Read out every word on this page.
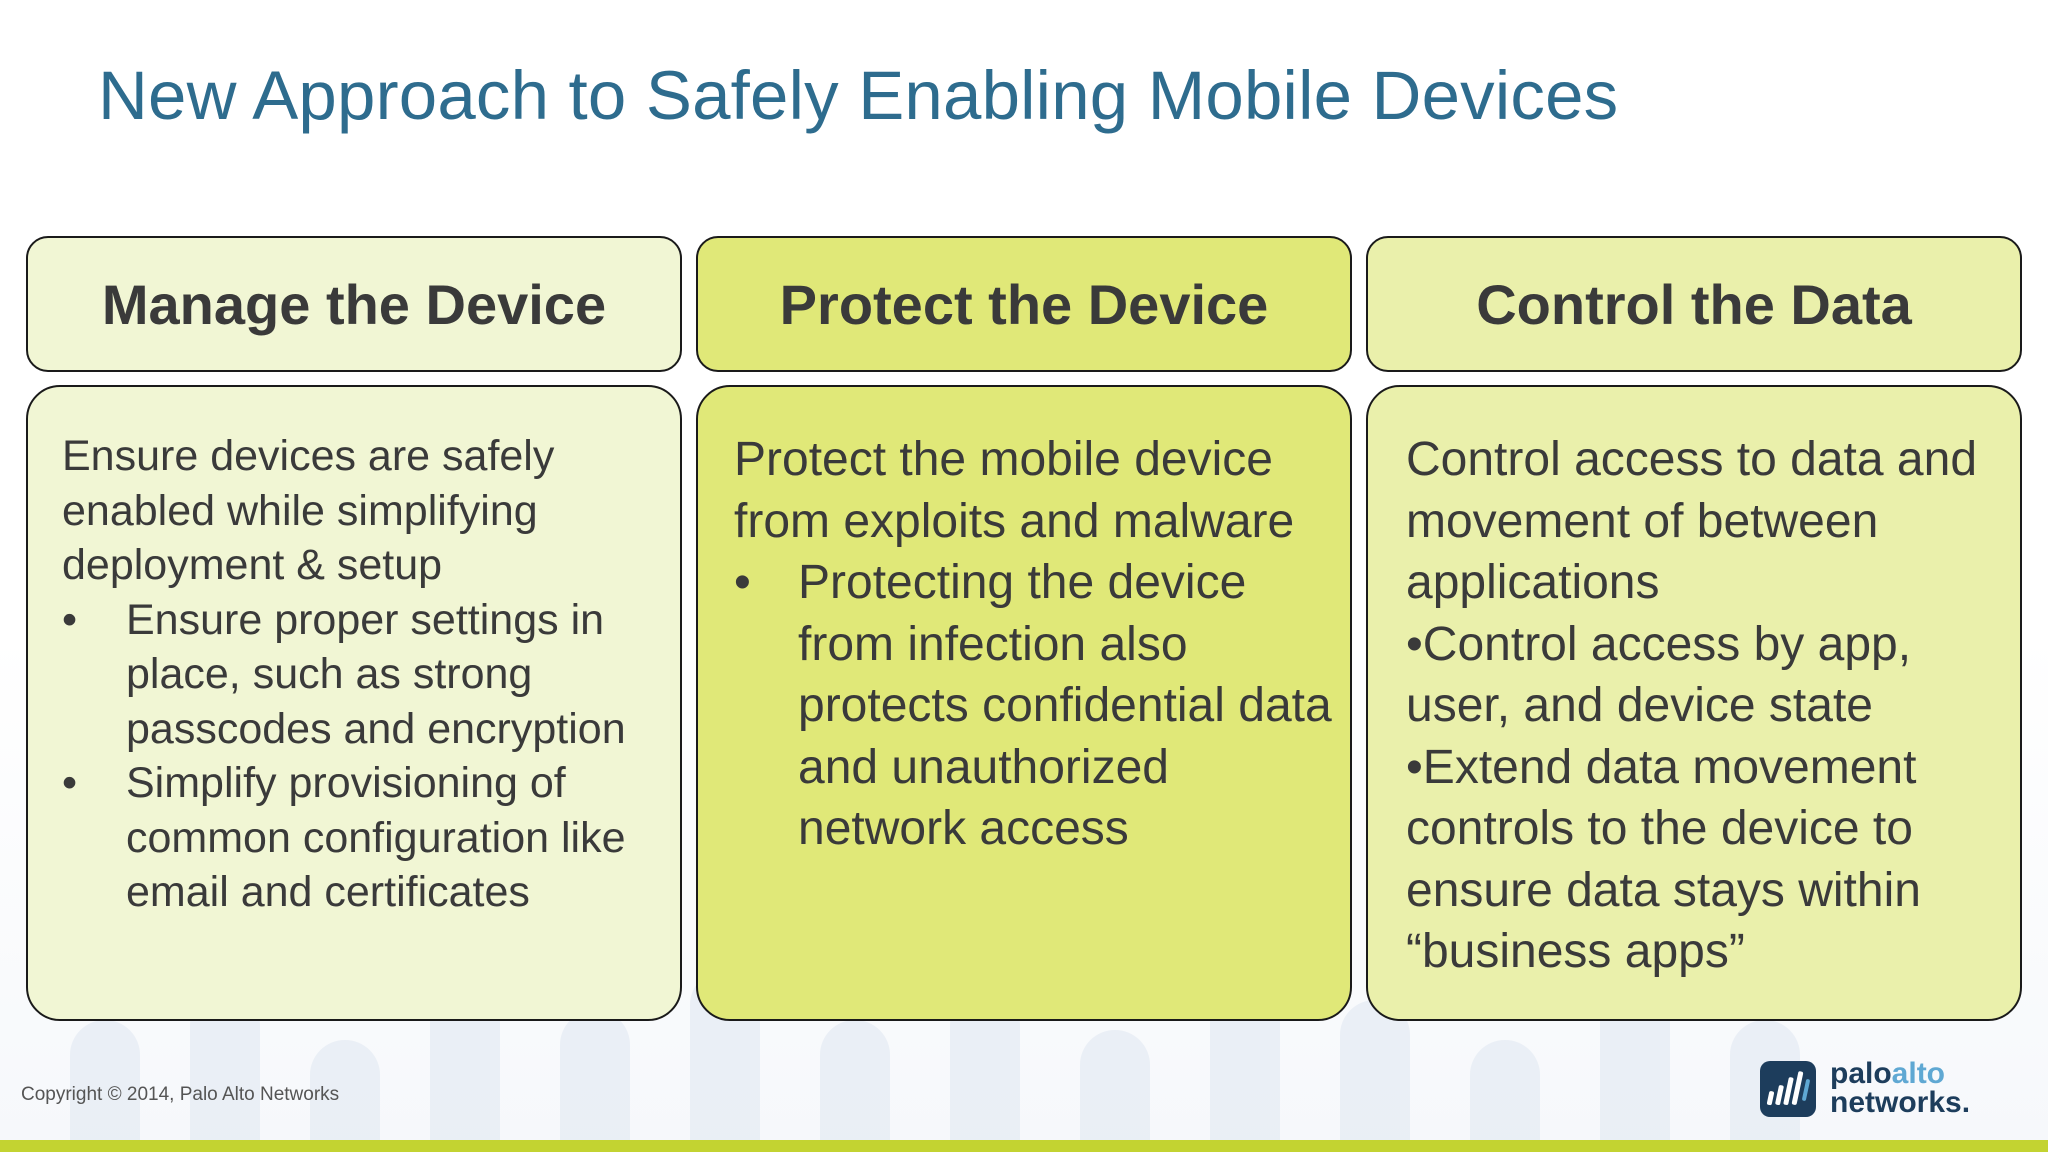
New Approach to Safely Enabling Mobile Devices
Manage the Device

Ensure devices are safely enabled while simplifying deployment & setup

• Ensure proper settings in place, such as strong passcodes and encryption
• Simplify provisioning of common configuration like email and certificates
Protect the Device

Protect the mobile device from exploits and malware

• Protecting the device from infection also protects confidential data and unauthorized network access
Control the Data

Control access to data and movement of between applications

•Control access by app, user, and device state

•Extend data movement controls to the device to ensure data stays within “business apps”

Copyright © 2014, Palo Alto Networks
paloalto
networks.
